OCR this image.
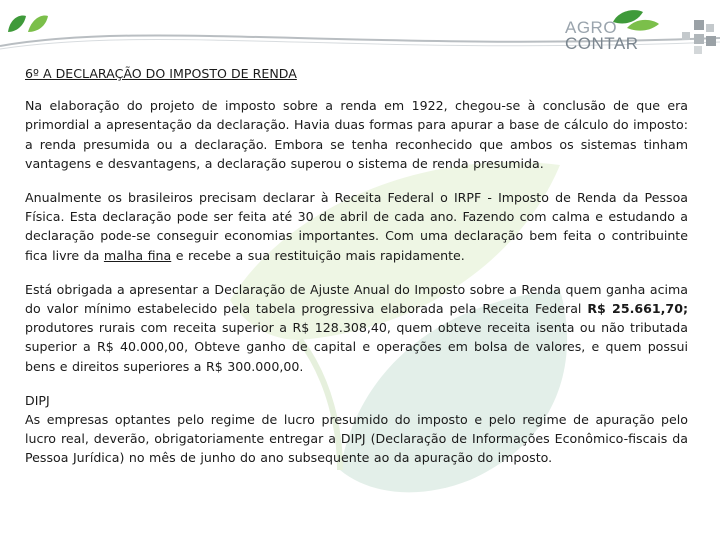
AGRO
CONTAR
6º A DECLARAÇÃO DO IMPOSTO DE RENDA

Na elaboração do projeto de imposto sobre a renda em 1922, chegou-se à conclusão de que era primordial a apresentação da declaração. Havia duas formas para apurar a base de cálculo do imposto: a renda presumida ou a declaração. Embora se tenha reconhecido que ambos os sistemas tinham vantagens e desvantagens, a declaração superou o sistema de renda presumida.

Anualmente os brasileiros precisam declarar à Receita Federal o IRPF - Imposto de Renda da Pessoa Física. Esta declaração pode ser feita até 30 de abril de cada ano. Fazendo com calma e estudando a declaração pode-se conseguir economias importantes. Com uma declaração bem feita o contribuinte fica livre da malha fina e recebe a sua restituição mais rapidamente.

Está obrigada a apresentar a Declaração de Ajuste Anual do Imposto sobre a Renda quem ganha acima do valor mínimo estabelecido pela tabela progressiva elaborada pela Receita Federal R$ 25.661,70; produtores rurais com receita superior a R$ 128.308,40, quem obteve receita isenta ou não tributada superior a R$ 40.000,00, Obteve ganho de capital e operações em bolsa de valores, e quem possui bens e direitos superiores a R$ 300.000,00.

DIPJ

As empresas optantes pelo regime de lucro presumido do imposto e pelo regime de apuração pelo lucro real, deverão, obrigatoriamente entregar a DIPJ (Declaração de Informações Econômico-fiscais da Pessoa Jurídica) no mês de junho do ano subsequente ao da apuração do imposto.
